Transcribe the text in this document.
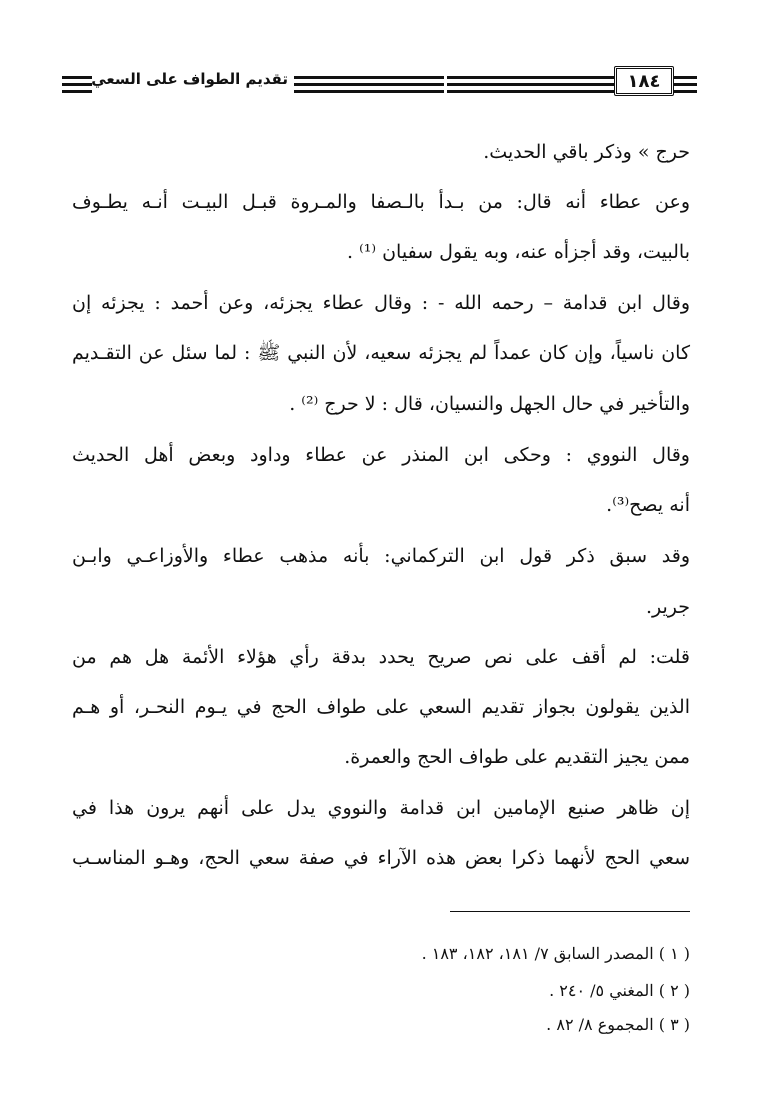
تقديم الطواف على السعي	١٨٤
حرج » وذكر باقي الحديث.
وعن عطاء أنه قال: من بـدأ بالـصفا والمـروة قبـل البيـت أنـه يطـوف
بالبيت، وقد أجزأه عنه، وبه يقول سفيان ⁽¹⁾ .
وقال ابن قدامة – رحمه الله - : وقال عطاء يجزئه، وعن أحمد : يجزئه إن
كان ناسياً، وإن كان عمداً لم يجزئه سعيه، لأن النبي ﷺ : لما سئل عن التقـديم
والتأخير في حال الجهل والنسيان، قال : لا حرج ⁽²⁾ .
وقال النووي : وحكى ابن المنذر عن عطاء وداود وبعض أهل الحديث
أنه يصح⁽³⁾.
وقد سبق ذكر قول ابن التركماني: بأنه مذهب عطاء والأوزاعـي وابـن
جرير.
قلت: لم أقف على نص صريح يحدد بدقة رأي هؤلاء الأئمة هل هم من
الذين يقولون بجواز تقديم السعي على طواف الحج في يـوم النحـر، أو هـم
ممن يجيز التقديم على طواف الحج والعمرة.
إن ظاهر صنيع الإمامين ابن قدامة والنووي يدل على أنهم يرون هذا في
سعي الحج لأنهما ذكرا بعض هذه الآراء في صفة سعي الحج، وهـو المناسـب
( ١ ) المصدر السابق ٧/ ١٨١، ١٨٢، ١٨٣ .
( ٢ ) المغني ٥/ ٢٤٠ .
( ٣ ) المجموع ٨/ ٨٢ .
